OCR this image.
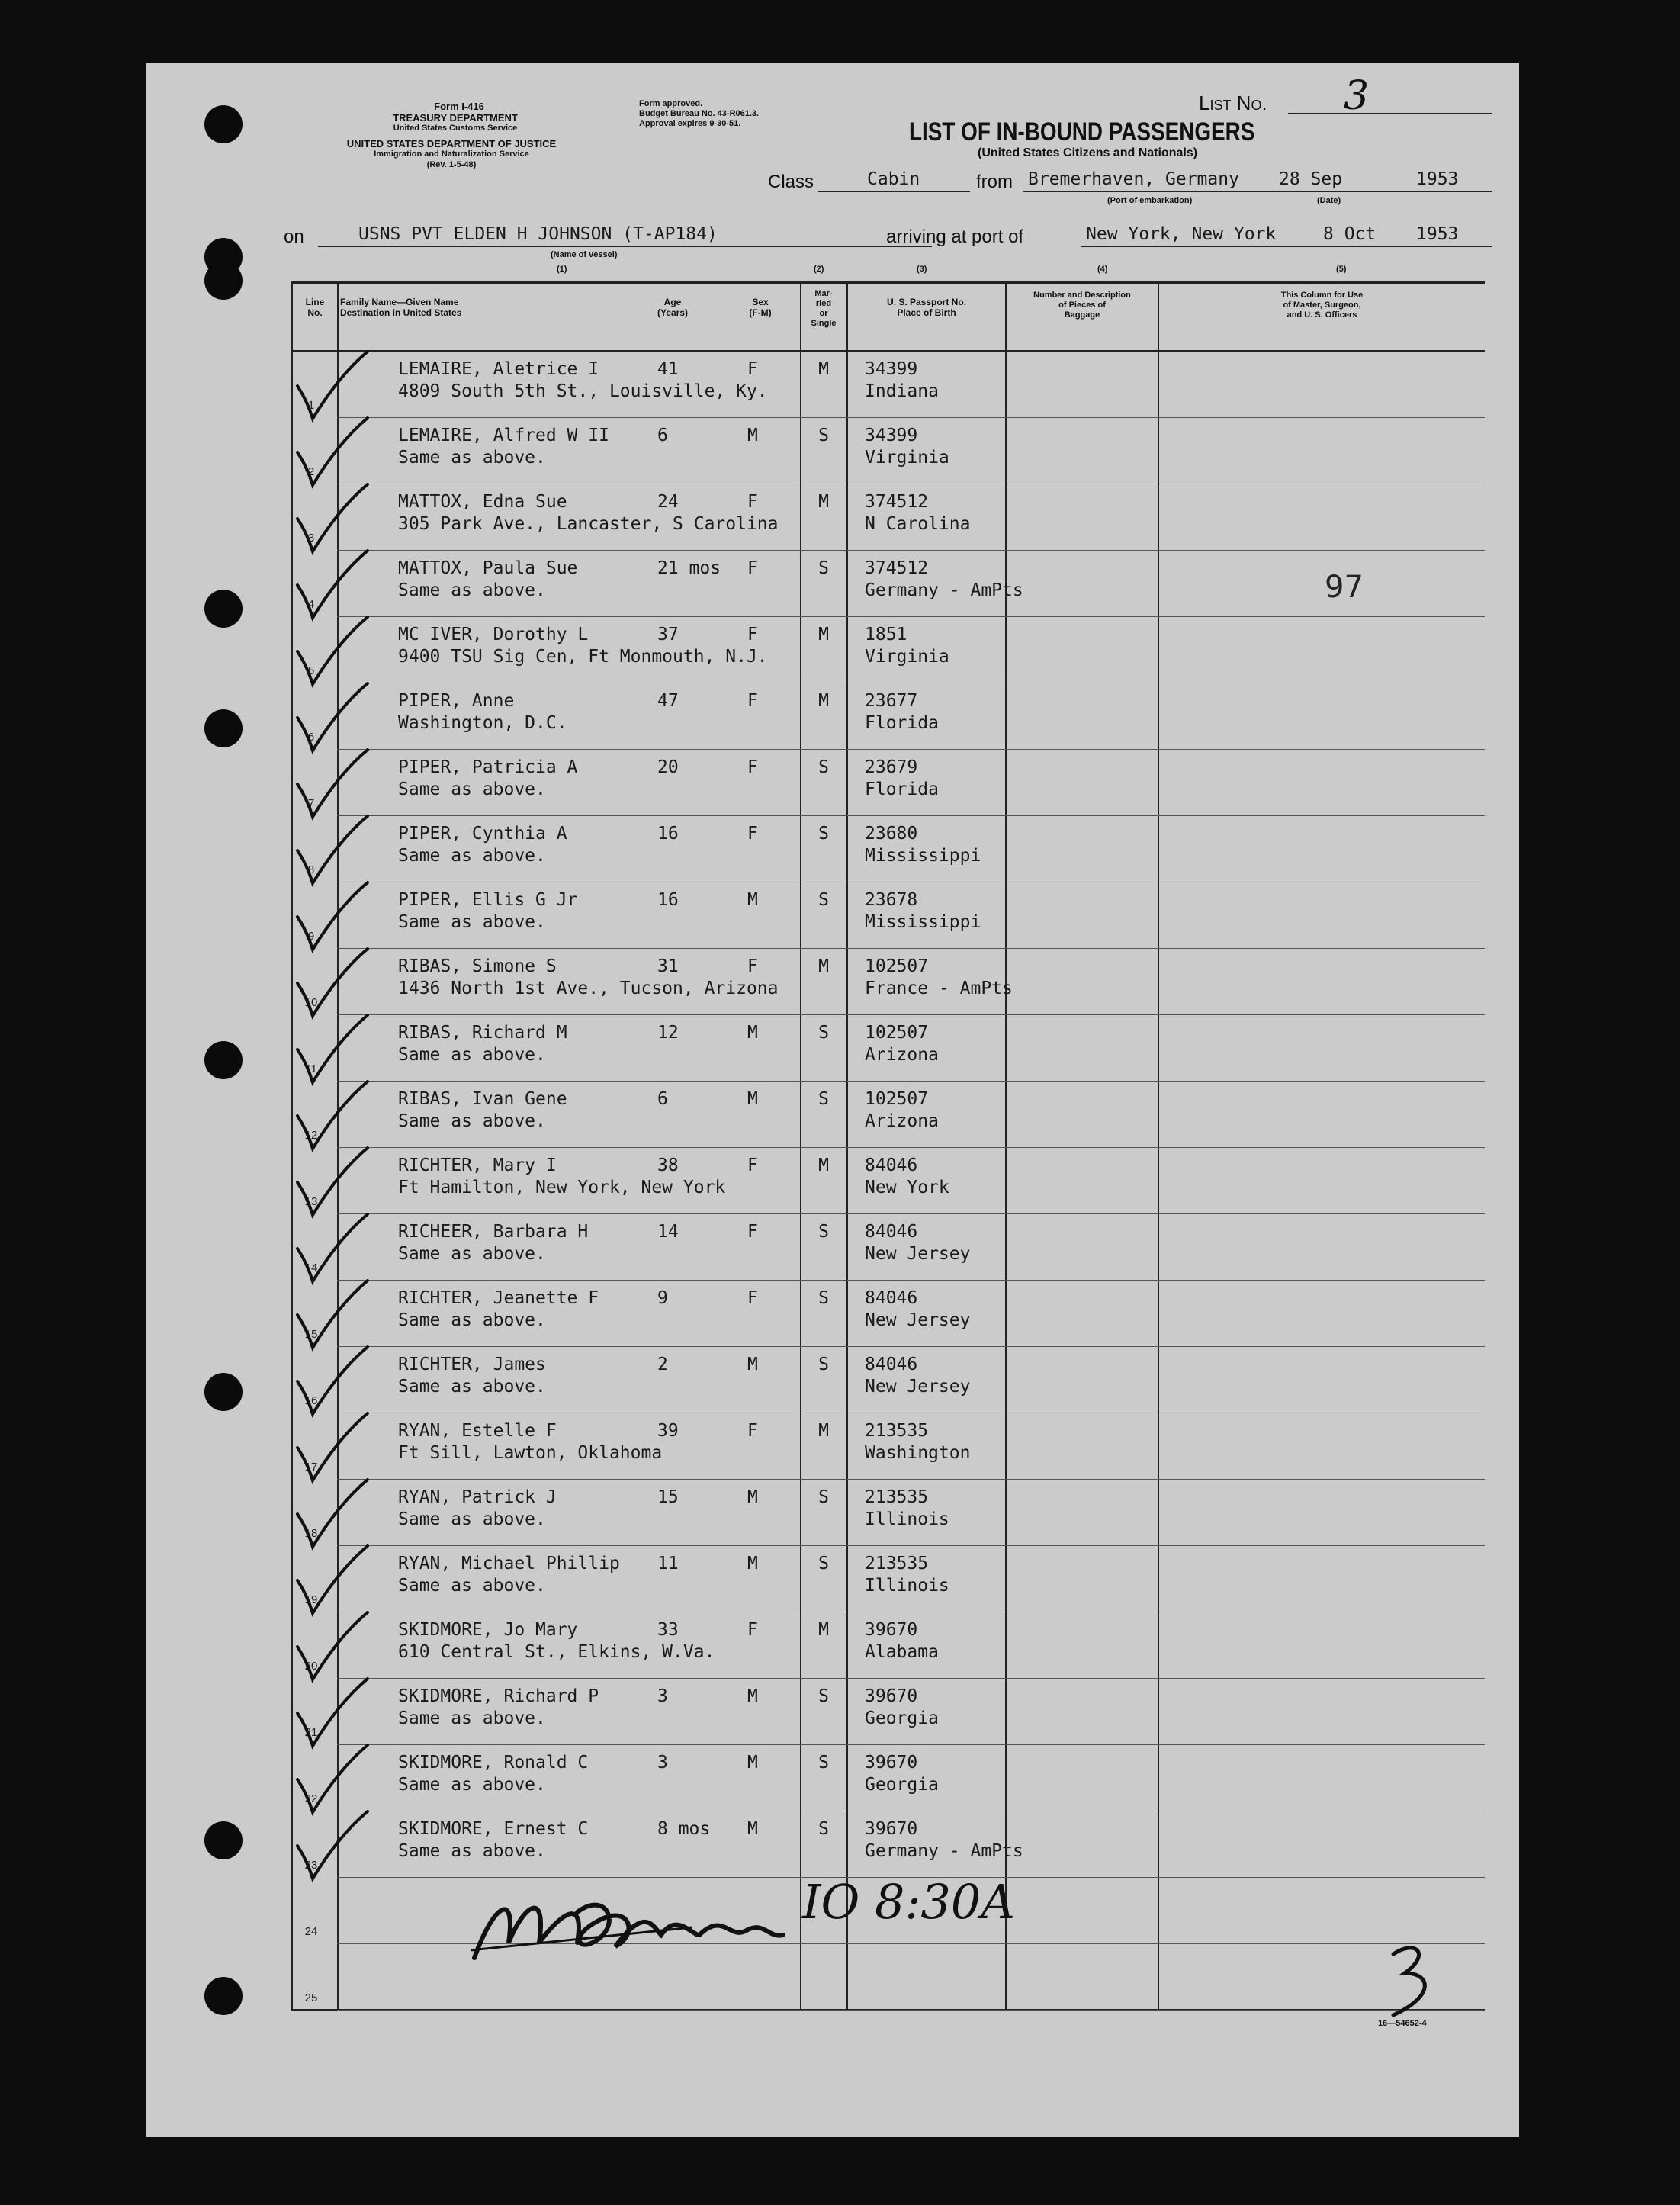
Form I-416
TREASURY DEPARTMENT
United States Customs Service
UNITED STATES DEPARTMENT OF JUSTICE
Immigration and Naturalization Service
(Rev. 1-5-48)
Form approved.
Budget Bureau No. 43-R061.3.
Approval expires 9-30-51.
List No. 3
LIST OF IN-BOUND PASSENGERS
(United States Citizens and Nationals)
Class	Cabin	from Bremerhaven, Germany 28 Sep	1953
(Port of embarkation)	(Date)
on	USNS PVT ELDEN H JOHNSON (T-AP184)
(Name of vessel)
arriving at port of	New York, New York	8 Oct 1953
(1)	(2)	(3)	(4)	(5)
Line
No.
Family Name—Given Name
Destination in United States
Age
(Years)
Sex
(F-M)
Mar-
ried
or
Single
U. S. Passport No.
Place of Birth
Number and Description
of Pieces of
Baggage
This Column for Use
of Master, Surgeon,
and U. S. Officers
1
LEMAIRE, Aletrice I
4809 South 5th St., Louisville, Ky.
41	F	M	34399
Indiana
2
LEMAIRE, Alfred W II
Same as above.
6	M	S	34399
Virginia
3
MATTOX, Edna Sue
305 Park Ave., Lancaster, S Carolina
24	F	M	374512
N Carolina
4
MATTOX, Paula Sue
Same as above.
21 mos F	S	374512
Germany - AmPts
5
MC IVER, Dorothy L
9400 TSU Sig Cen, Ft Monmouth, N.J.
37	F	M	1851
Virginia
6
PIPER, Anne
Washington, D.C.
47	F	M	23677
Florida
7
PIPER, Patricia A
Same as above.
20	F	S	23679
Florida
8
PIPER, Cynthia A
Same as above.
16	F	S	23680
Mississippi
9
PIPER, Ellis G Jr
Same as above.
16	M	S	23678
Mississippi
10
RIBAS, Simone S
1436 North 1st Ave., Tucson, Arizona
31	F	M	102507
France - AmPts
11
RIBAS, Richard M
Same as above.
12	M	S	102507
Arizona
12
RIBAS, Ivan Gene
Same as above.
6	M	S	102507
Arizona
13
RICHTER, Mary I
Ft Hamilton, New York, New York
38	F	M	84046
New York
14
RICHEER, Barbara H
Same as above.
14	F	S	84046
New Jersey
15
RICHTER, Jeanette F
Same as above.
9	F	S	84046
New Jersey
16
RICHTER, James
Same as above.
2	M	S	84046
New Jersey
17
RYAN, Estelle F
Ft Sill, Lawton, Oklahoma
39	F	M	213535
Washington
18
RYAN, Patrick J
Same as above.
15	M	S	213535
Illinois
19
RYAN, Michael Phillip
Same as above.
11	M	S	213535
Illinois
20
SKIDMORE, Jo Mary
610 Central St., Elkins, W.Va.
33	F	M	39670
Alabama
21
SKIDMORE, Richard P
Same as above.
3	M	S	39670
Georgia
22
SKIDMORE, Ronald C
Same as above.
3	M	S	39670
Georgia
23
SKIDMORE, Ernest C
Same as above.
8 mos M	S	39670
Germany - AmPts
24
25
97
IO 8:30A
16—54652-4
